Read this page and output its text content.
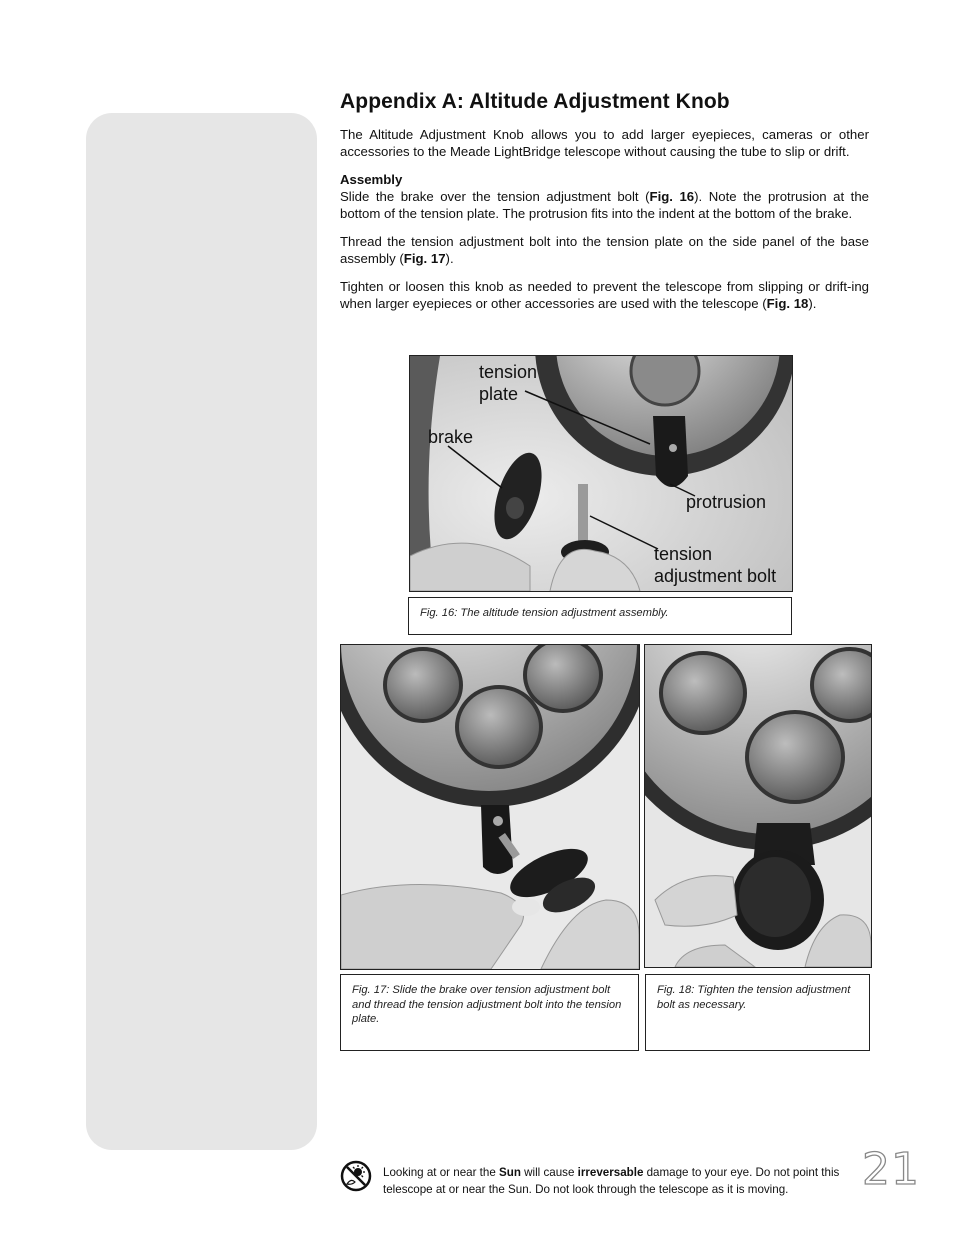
Appendix A: Altitude Adjustment Knob

The Altitude Adjustment Knob allows you to add larger eyepieces, cameras or other accessories to the Meade LightBridge telescope without causing the tube to slip or drift.

Assembly
Slide the brake over the tension adjustment bolt (Fig. 16). Note the protrusion at the bottom of the tension plate. The protrusion fits into the indent at the bottom of the brake.

Thread the tension adjustment bolt into the tension plate on the side panel of the base assembly (Fig. 17).

Tighten or loosen this knob as needed to prevent the telescope from slipping or drift-ing when larger eyepieces or other accessories are used with the telescope (Fig. 18).

tension
plate
brake
protrusion
tension
adjustment bolt
Fig. 16: The altitude tension adjustment assembly.
Fig. 17: Slide the brake over tension adjustment bolt and thread the tension adjustment bolt into the tension plate.
Fig. 18: Tighten the tension adjustment bolt as necessary.
Looking at or near the Sun will cause irreversable damage to your eye. Do not point this telescope at or near the Sun. Do not look through the telescope as it is moving.	21
